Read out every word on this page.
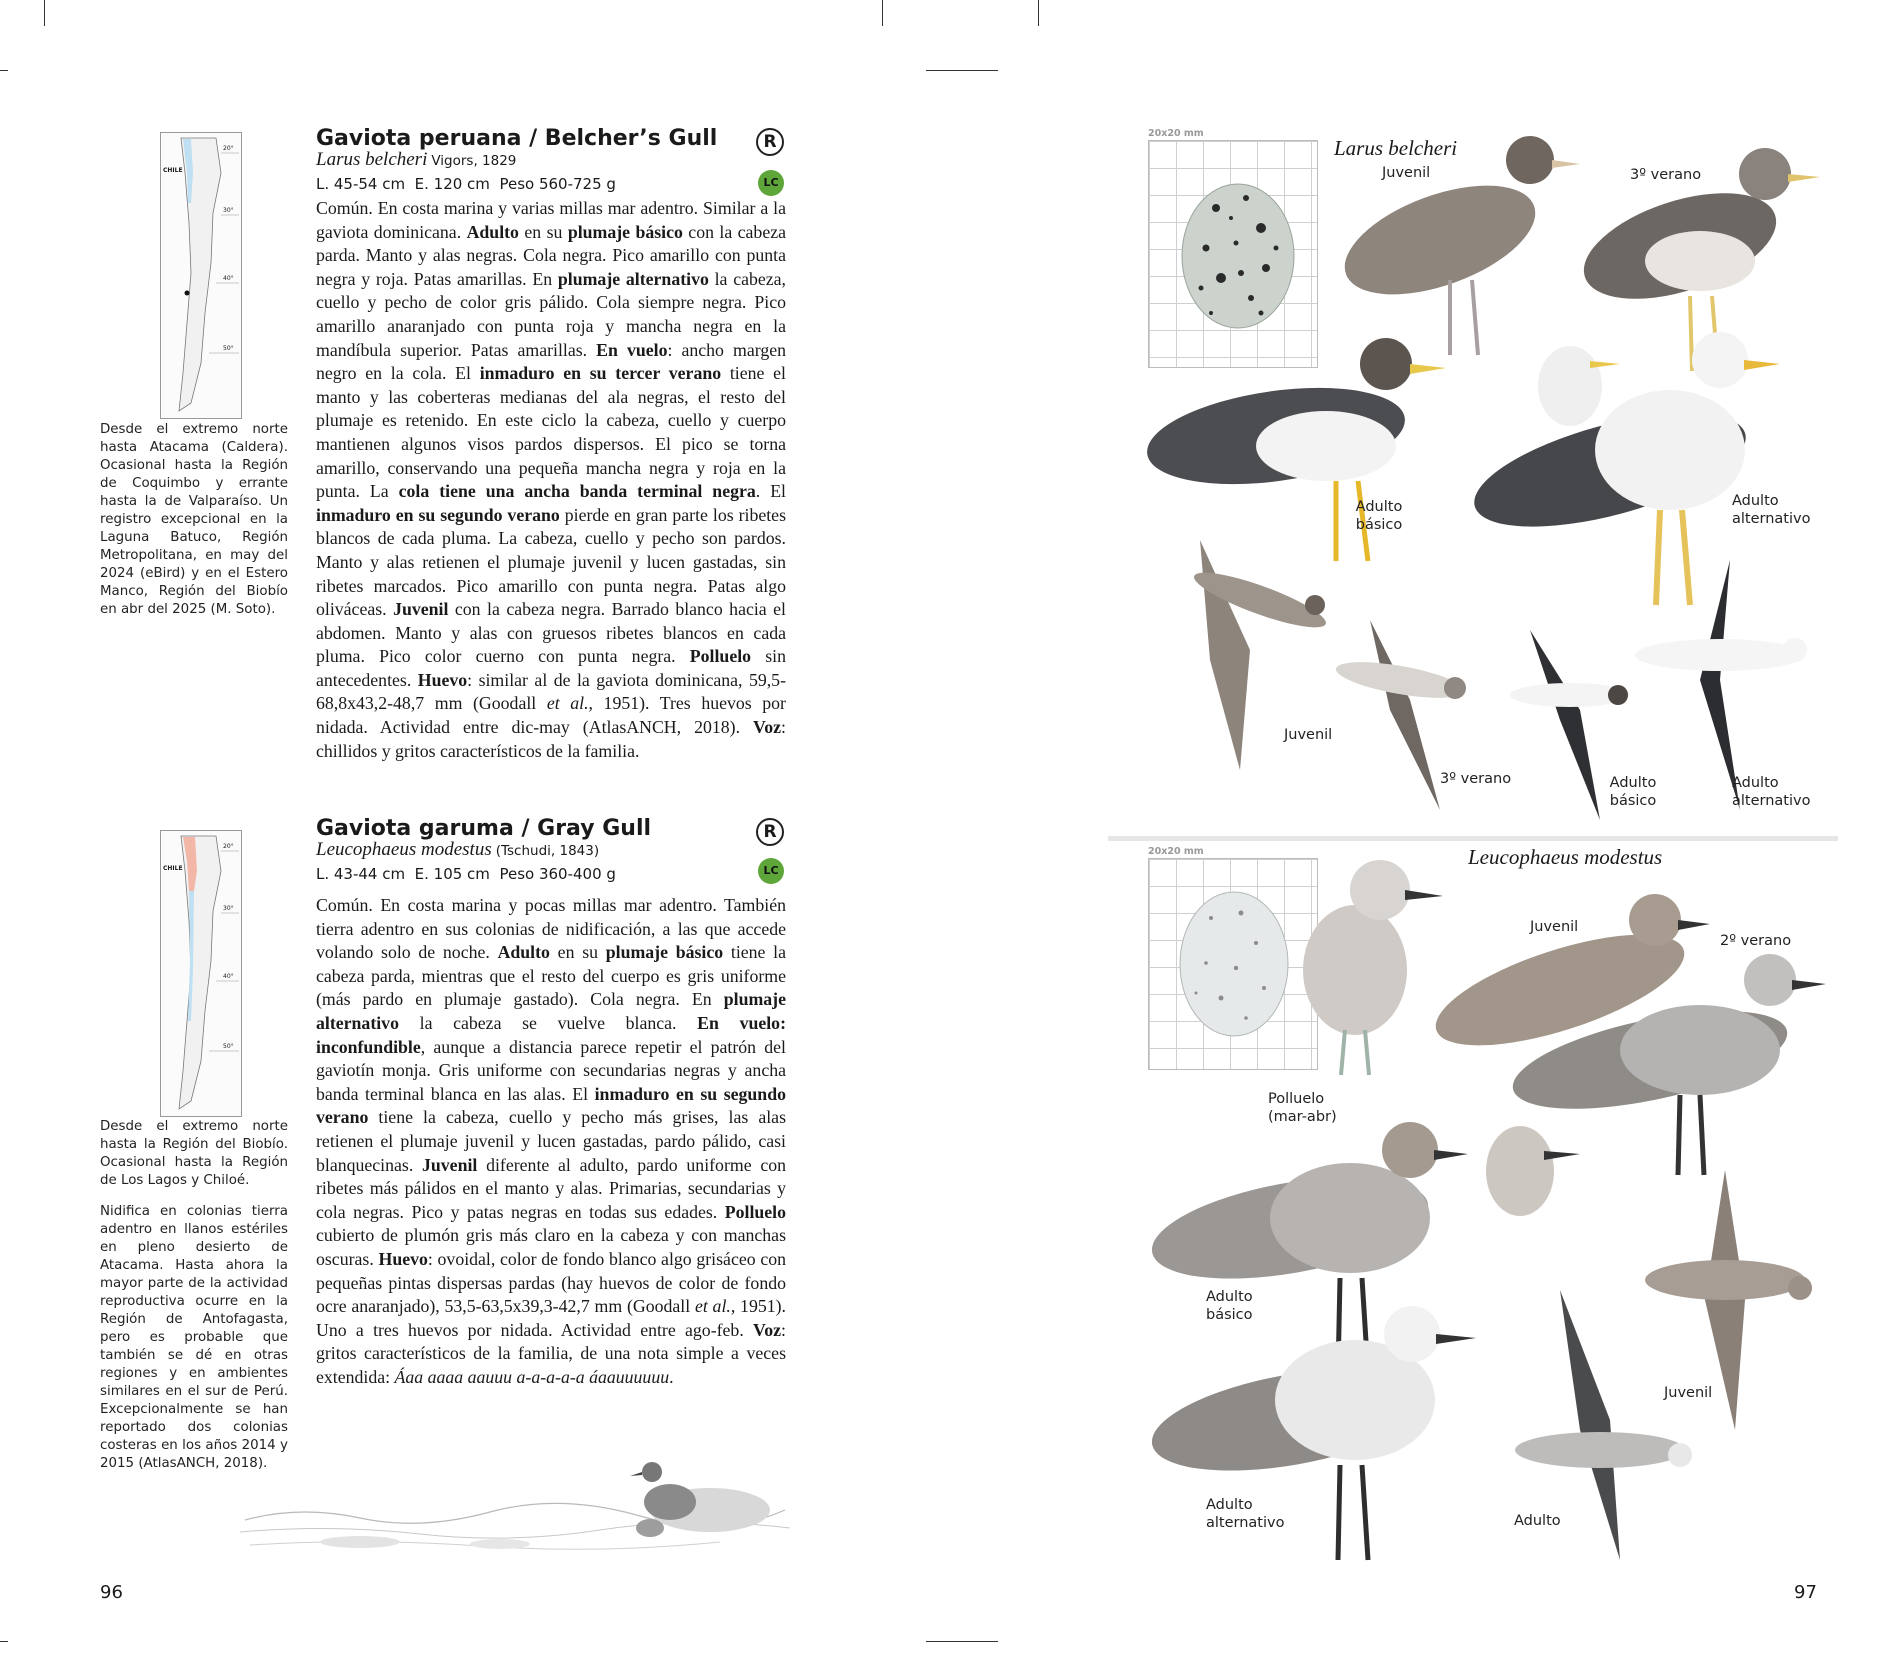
CHILE
20°
30°
40°
50°
Desde el extremo norte hasta Atacama (Caldera). Ocasional hasta la Región de Coquimbo y errante hasta la de Valparaíso. Un registro excepcional en la Laguna Batuco, Región Metropolitana, en may del 2024 (eBird) y en el Estero Manco, Región del Biobío en abr del 2025 (M. Soto).
Gaviota peruana / Belcher’s Gull	R
Larus belcheri Vigors, 1829
L. 45-54 cm  E. 120 cm  Peso 560-725 g	LC
Común. En costa marina y varias millas mar adentro. Similar a la gaviota dominicana. Adulto en su plumaje básico con la cabeza parda. Manto y alas negras. Cola negra. Pico amarillo con punta negra y roja. Patas amarillas. En plumaje alternativo la cabeza, cuello y pecho de color gris pálido. Cola siempre negra. Pico amarillo anaranjado con punta roja y mancha negra en la mandíbula superior. Patas amarillas. En vuelo: ancho margen negro en la cola. El inmaduro en su tercer verano tiene el manto y las coberteras medianas del ala negras, el resto del plumaje es retenido. En este ciclo la cabeza, cuello y cuerpo mantienen algunos visos pardos dispersos. El pico se torna amarillo, conservando una pequeña mancha negra y roja en la punta. La cola tiene una ancha banda terminal negra. El inmaduro en su segundo verano pierde en gran parte los ribetes blancos de cada pluma. La cabeza, cuello y pecho son pardos. Manto y alas retienen el plumaje juvenil y lucen gastadas, sin ribetes marcados. Pico amarillo con punta negra. Patas algo oliváceas. Juvenil con la cabeza negra. Barrado blanco hacia el abdomen. Manto y alas con gruesos ribetes blancos en cada pluma. Pico color cuerno con punta negra. Polluelo sin antecedentes. Huevo: similar al de la gaviota dominicana, 59,5-68,8x43,2-48,7 mm (Goodall et al., 1951). Tres huevos por nidada. Actividad entre dic-may (AtlasANCH, 2018). Voz: chillidos y gritos característicos de la familia.
CHILE
20°
30°
40°
50°
Desde el extremo norte hasta la Región del Biobío. Ocasional hasta la Región de Los Lagos y Chiloé.
Nidifica en colonias tierra adentro en llanos estériles en pleno desierto de Atacama. Hasta ahora la mayor parte de la actividad reproductiva ocurre en la Región de Antofagasta, pero es probable que también se dé en otras regiones y en ambientes similares en el sur de Perú. Excepcionalmente se han reportado dos colonias costeras en los años 2014 y 2015 (AtlasANCH, 2018).
Gaviota garuma / Gray Gull	R
Leucophaeus modestus (Tschudi, 1843)
L. 43-44 cm  E. 105 cm  Peso 360-400 g	LC
Común. En costa marina y pocas millas mar adentro. También tierra adentro en sus colonias de nidificación, a las que accede volando solo de noche. Adulto en su plumaje básico tiene la cabeza parda, mientras que el resto del cuerpo es gris uniforme (más pardo en plumaje gastado). Cola negra. En plumaje alternativo la cabeza se vuelve blanca. En vuelo: inconfundible, aunque a distancia parece repetir el patrón del gaviotín monja. Gris uniforme con secundarias negras y ancha banda terminal blanca en las alas. El inmaduro en su segundo verano tiene la cabeza, cuello y pecho más grises, las alas retienen el plumaje juvenil y lucen gastadas, pardo pálido, casi blanquecinas. Juvenil diferente al adulto, pardo uniforme con ribetes más pálidos en el manto y alas. Primarias, secundarias y cola negras. Pico y patas negras en todas sus edades. Polluelo cubierto de plumón gris más claro en la cabeza y con manchas oscuras. Huevo: ovoidal, color de fondo blanco algo grisáceo con pequeñas pintas dispersas pardas (hay huevos de color de fondo ocre anaranjado), 53,5-63,5x39,3-42,7 mm (Goodall et al., 1951). Uno a tres huevos por nidada. Actividad entre ago-feb. Voz: gritos característicos de la familia, de una nota simple a veces extendida: Áaa aaaa aauuu a-a-a-a-a áaauuuuuu.
96
20x20 mm
Larus belcheri
Juvenil	3º verano
Adulto básico
Adulto alternativo
Juvenil
3º verano	Adulto básico
Adulto alternativo
20x20 mm
Polluelo (mar-abr)
Leucophaeus modestus
Juvenil
2º verano
Adulto básico
Juvenil
Adulto alternativo	Adulto
97
